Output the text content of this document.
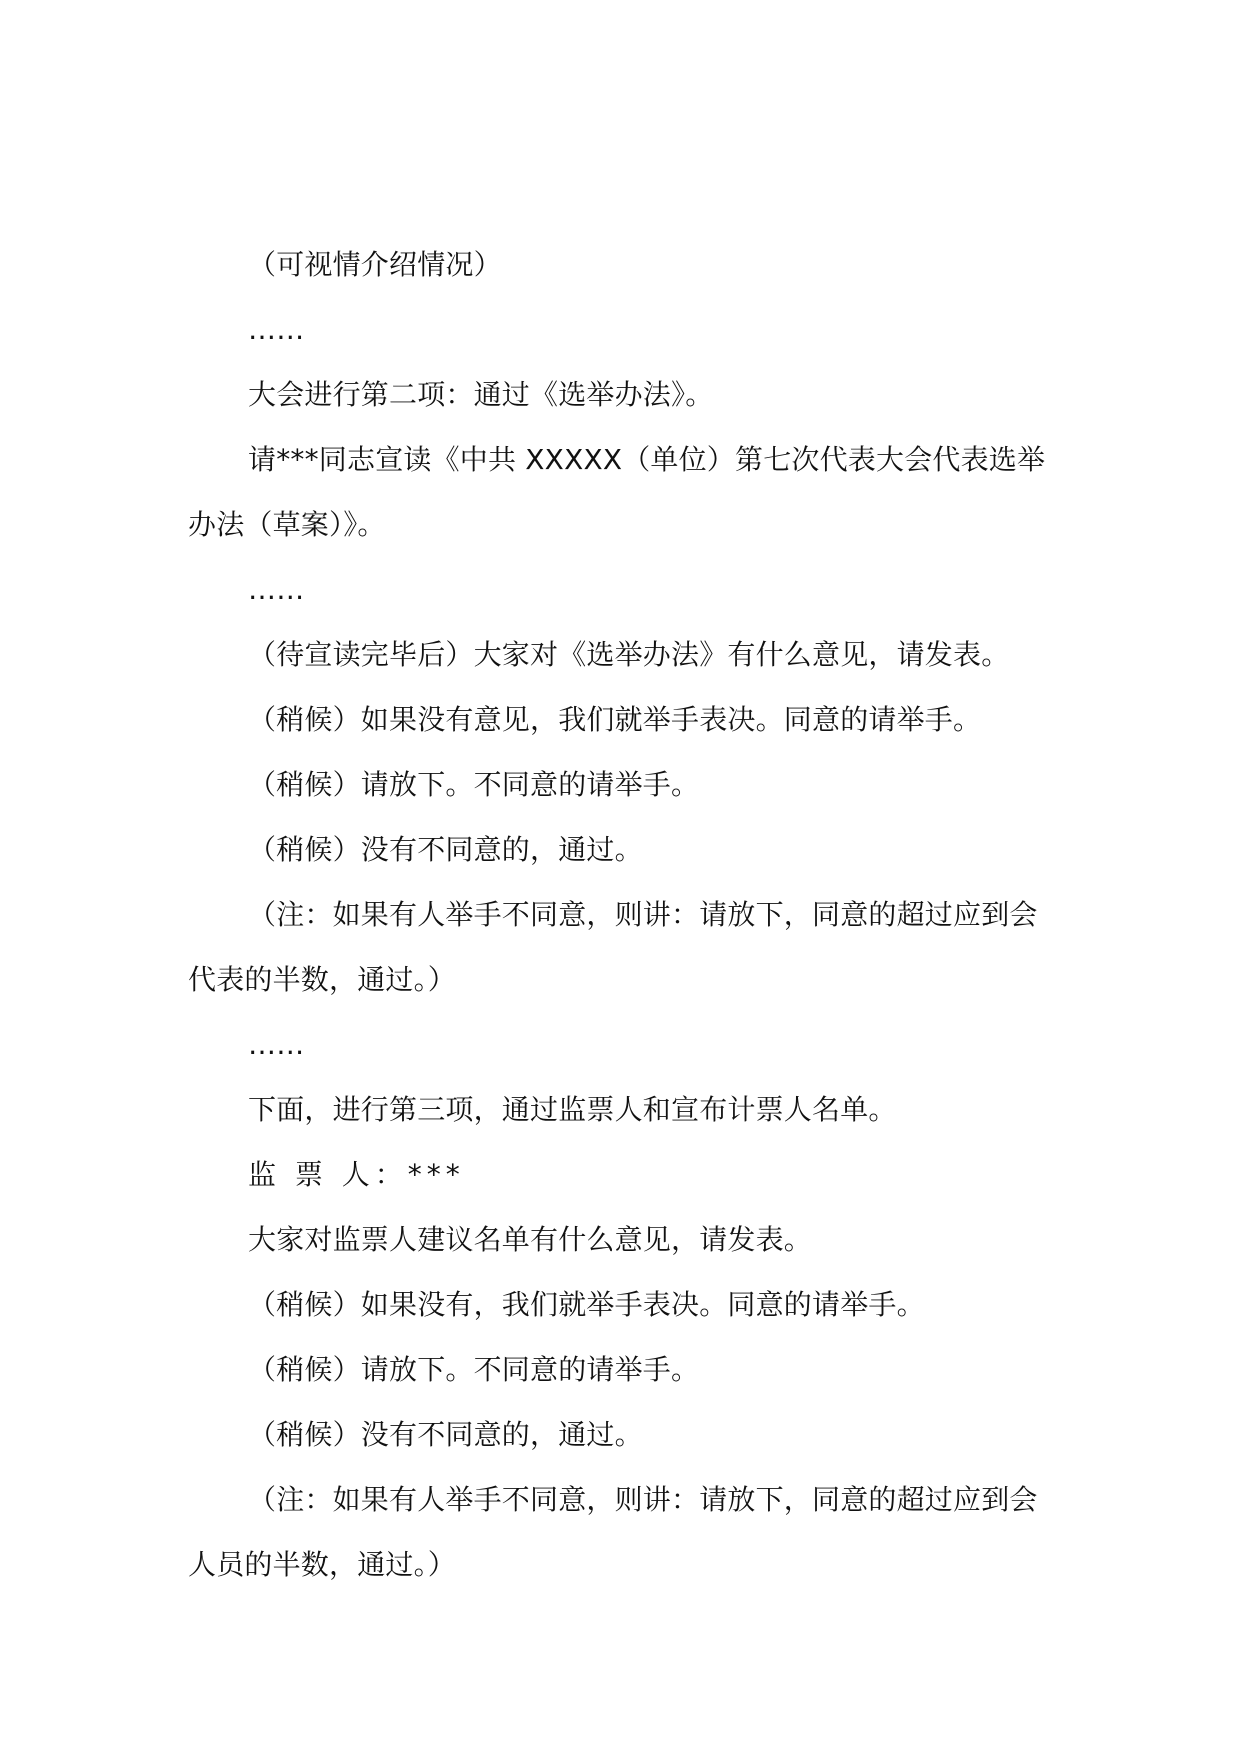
（可视情介绍情况）

……

大会进行第二项：通过《选举办法》。

请***同志宣读《中共 XXXXX（单位）第七次代表大会代表选举办法（草案）》。

……

（待宣读完毕后）大家对《选举办法》有什么意见，请发表。

（稍候）如果没有意见，我们就举手表决。同意的请举手。

（稍候）请放下。不同意的请举手。

（稍候）没有不同意的，通过。

（注：如果有人举手不同意，则讲：请放下，同意的超过应到会代表的半数，通过。）

……

下面，进行第三项，通过监票人和宣布计票人名单。

监 票 人：***

大家对监票人建议名单有什么意见，请发表。

（稍候）如果没有，我们就举手表决。同意的请举手。

（稍候）请放下。不同意的请举手。

（稍候）没有不同意的，通过。

（注：如果有人举手不同意，则讲：请放下，同意的超过应到会人员的半数，通过。）
